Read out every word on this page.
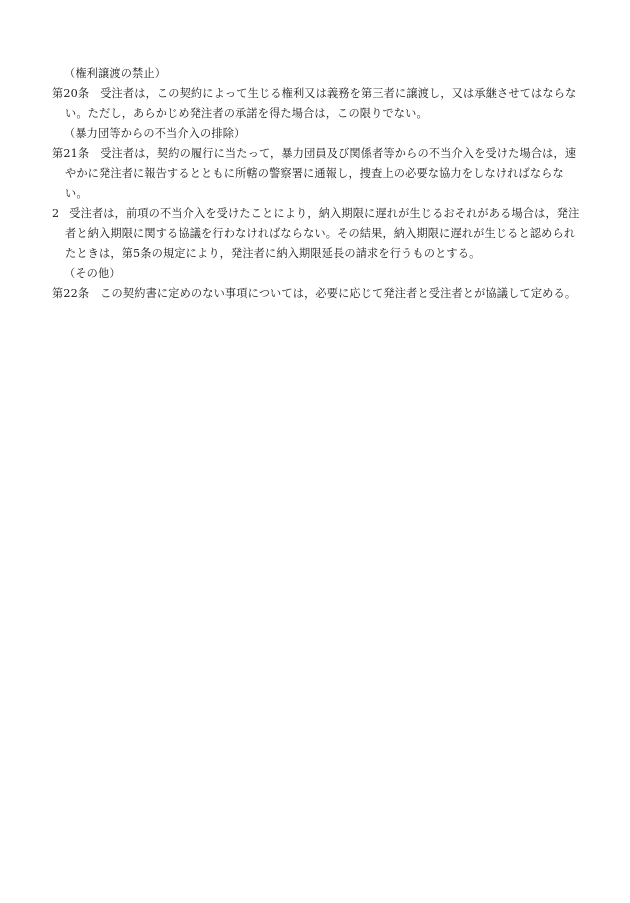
（権利譲渡の禁止）
第20条 受注者は，この契約によって生じる権利又は義務を第三者に譲渡し，又は承継させてはならない。ただし，あらかじめ発注者の承諾を得た場合は，この限りでない。
（暴力団等からの不当介入の排除）
第21条 受注者は，契約の履行に当たって，暴力団員及び関係者等からの不当介入を受けた場合は，速やかに発注者に報告するとともに所轄の警察署に通報し，捜査上の必要な協力をしなければならない。
2 受注者は，前項の不当介入を受けたことにより，納入期限に遅れが生じるおそれがある場合は，発注者と納入期限に関する協議を行わなければならない。その結果，納入期限に遅れが生じると認められたときは，第5条の規定により，発注者に納入期限延長の請求を行うものとする。
（その他）
第22条 この契約書に定めのない事項については，必要に応じて発注者と受注者とが協議して定める。
